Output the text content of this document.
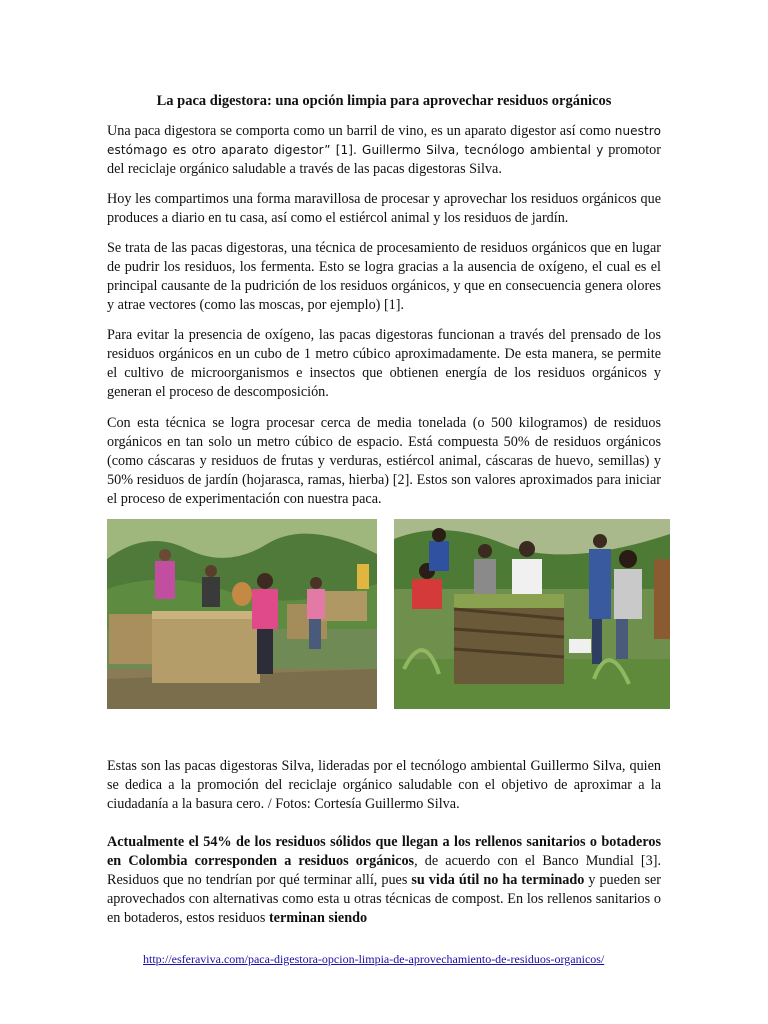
La paca digestora: una opción limpia para aprovechar residuos orgánicos
Una paca digestora se comporta como un barril de vino, es un aparato digestor así como nuestro estómago es otro aparato digestor” [1]. Guillermo Silva, tecnólogo ambiental y promotor del reciclaje orgánico saludable a través de las pacas digestoras Silva.

Hoy les compartimos una forma maravillosa de procesar y aprovechar los residuos orgánicos que produces a diario en tu casa, así como el estiércol animal y los residuos de jardín.

Se trata de las pacas digestoras, una técnica de procesamiento de residuos orgánicos que en lugar de pudrir los residuos, los fermenta. Esto se logra gracias a la ausencia de oxígeno, el cual es el principal causante de la pudrición de los residuos orgánicos, y que en consecuencia genera olores y atrae vectores (como las moscas, por ejemplo) [1].

Para evitar la presencia de oxígeno, las pacas digestoras funcionan a través del prensado de los residuos orgánicos en un cubo de 1 metro cúbico aproximadamente. De esta manera, se permite el cultivo de microorganismos e insectos que obtienen energía de los residuos orgánicos y generan el proceso de descomposición.

Con esta técnica se logra procesar cerca de media tonelada (o 500 kilogramos) de residuos orgánicos en tan solo un metro cúbico de espacio. Está compuesta 50% de residuos orgánicos (como cáscaras y residuos de frutas y verduras, estiércol animal, cáscaras de huevo, semillas) y 50% residuos de jardín (hojarasca, ramas, hierba) [2]. Estos son valores aproximados para iniciar el proceso de experimentación con nuestra paca.

Estas son las pacas digestoras Silva, lideradas por el tecnólogo ambiental Guillermo Silva, quien se dedica a la promoción del reciclaje orgánico saludable con el objetivo de aproximar a la ciudadanía a la basura cero. / Fotos: Cortesía Guillermo Silva.

Actualmente el 54% de los residuos sólidos que llegan a los rellenos sanitarios o botaderos en Colombia corresponden a residuos orgánicos, de acuerdo con el Banco Mundial [3]. Residuos que no tendrían por qué terminar allí, pues su vida útil no ha terminado y pueden ser aprovechados con alternativas como esta u otras técnicas de compost. En los rellenos sanitarios o en botaderos, estos residuos terminan siendo

http://esferaviva.com/paca-digestora-opcion-limpia-de-aprovechamiento-de-residuos-organicos/
